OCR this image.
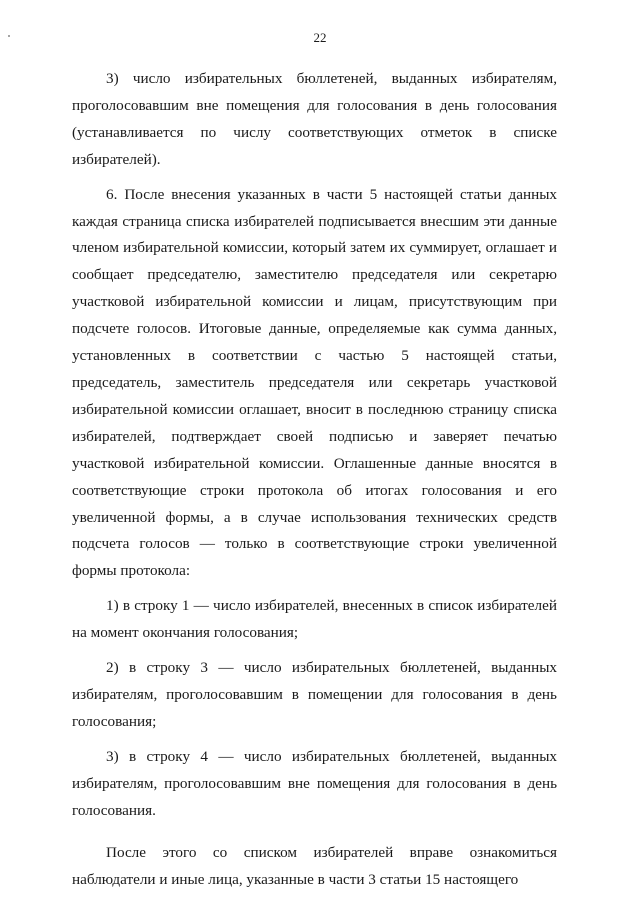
22

3) число избирательных бюллетеней, выданных избирателям, проголосовавшим вне помещения для голосования в день голосования (устанавливается по числу соответствующих отметок в списке избирателей).

6. После внесения указанных в части 5 настоящей статьи данных каждая страница списка избирателей подписывается внесшим эти данные членом избирательной комиссии, который затем их суммирует, оглашает и сообщает председателю, заместителю председателя или секретарю участковой избирательной комиссии и лицам, присутствующим при подсчете голосов. Итоговые данные, определяемые как сумма данных, установленных в соответствии с частью 5 настоящей статьи, председатель, заместитель председателя или секретарь участковой избирательной комиссии оглашает, вносит в последнюю страницу списка избирателей, подтверждает своей подписью и заверяет печатью участковой избирательной комиссии. Оглашенные данные вносятся в соответствующие строки протокола об итогах голосования и его увеличенной формы, а в случае использования технических средств подсчета голосов — только в соответствующие строки увеличенной формы протокола:

1) в строку 1 — число избирателей, внесенных в список избирателей на момент окончания голосования;

2) в строку 3 — число избирательных бюллетеней, выданных избирателям, проголосовавшим в помещении для голосования в день голосования;

3) в строку 4 — число избирательных бюллетеней, выданных избирателям, проголосовавшим вне помещения для голосования в день голосования.

После этого со списком избирателей вправе ознакомиться наблюдатели и иные лица, указанные в части 3 статьи 15 настоящего
